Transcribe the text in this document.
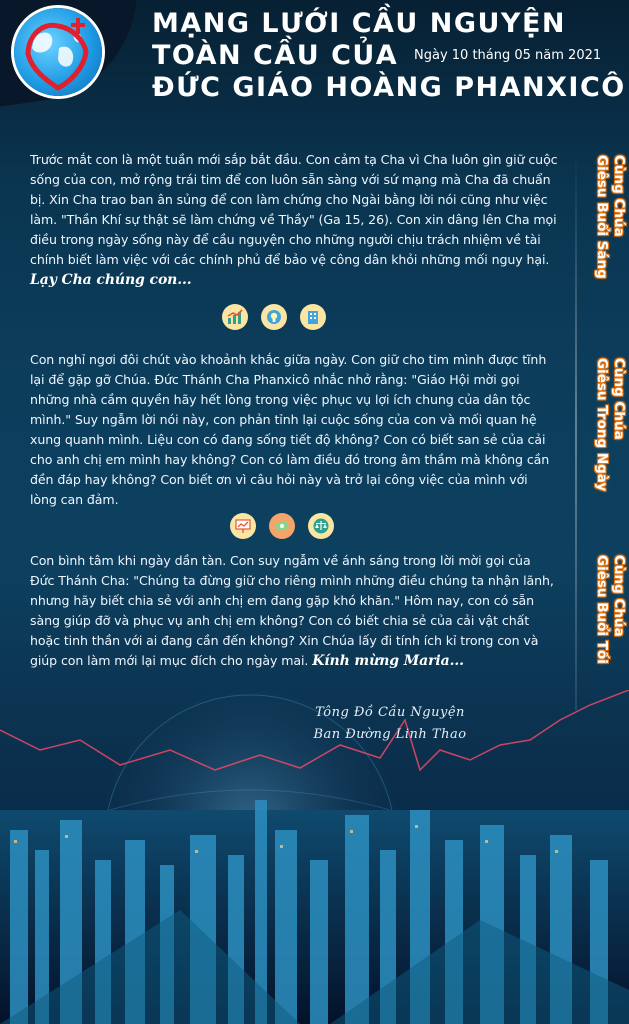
MẠNG LƯỚI CẦU NGUYỆN
TOÀN CẦU CỦA
ĐỨC GIÁO HOÀNG PHANXICÔ
Ngày 10 tháng 05 năm 2021
Trước mắt con là một tuần mới sắp bắt đầu. Con cảm tạ Cha vì Cha luôn gìn giữ cuộc sống của con, mở rộng trái tim để con luôn sẵn sàng với sứ mạng mà Cha đã chuẩn bị. Xin Cha trao ban ân sủng để con làm chứng cho Ngài bằng lời nói cũng như việc làm. "Thần Khí sự thật sẽ làm chứng về Thầy" (Ga 15, 26). Con xin dâng lên Cha mọi điều trong ngày sống này để cầu nguyện cho những người chịu trách nhiệm về tài chính biết làm việc với các chính phủ để bảo vệ công dân khỏi những mối nguy hại.
Lạy Cha chúng con...
Cùng Chúa
Giêsu Buổi Sáng
Con nghỉ ngơi đôi chút vào khoảnh khắc giữa ngày. Con giữ cho tim mình được tĩnh lại để gặp gỡ Chúa. Đức Thánh Cha Phanxicô nhắc nhở rằng: "Giáo Hội mời gọi những nhà cầm quyền hãy hết lòng trong việc phục vụ lợi ích chung của dân tộc mình." Suy ngẫm lời nói này, con phản tỉnh lại cuộc sống của con và mối quan hệ xung quanh mình. Liệu con có đang sống tiết độ không? Con có biết san sẻ của cải cho anh chị em mình hay không? Con có làm điều đó trong âm thầm mà không cần đền đáp hay không? Con biết ơn vì câu hỏi này và trở lại công việc của mình với lòng can đảm.
Cùng Chúa
Giêsu Trong Ngày
Con bình tâm khi ngày dần tàn. Con suy ngẫm về ánh sáng trong lời mời gọi của Đức Thánh Cha: "Chúng ta đừng giữ cho riêng mình những điều chúng ta nhận lãnh, nhưng hãy biết chia sẻ với anh chị em đang gặp khó khăn." Hôm nay, con có sẵn sàng giúp đỡ và phục vụ anh chị em không? Con có biết chia sẻ của cải vật chất hoặc tinh thần với ai đang cần đến không? Xin Chúa lấy đi tính ích kỉ trong con và giúp con làm mới lại mục đích cho ngày mai. Kính mừng Maria...
Cùng Chúa
Giêsu Buổi Tối
Tông Đồ Cầu Nguyện
Ban Đường Linh Thao
